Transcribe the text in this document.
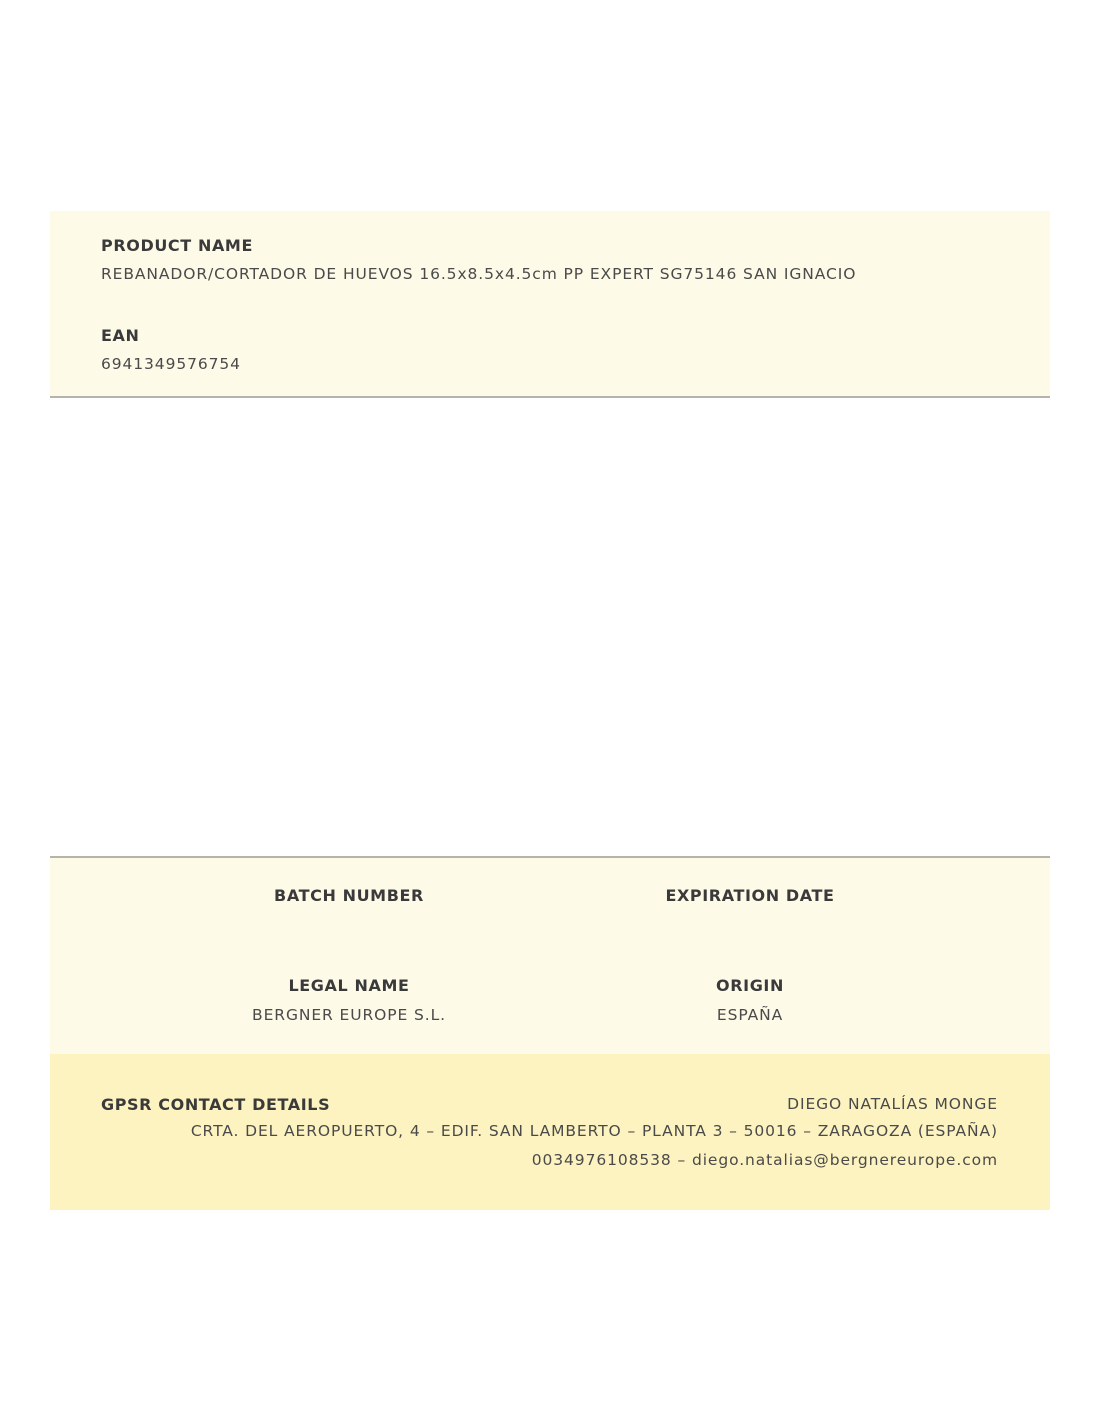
PRODUCT NAME
REBANADOR/CORTADOR DE HUEVOS 16.5x8.5x4.5cm PP EXPERT SG75146 SAN IGNACIO
EAN
6941349576754
BATCH NUMBER	EXPIRATION DATE
LEGAL NAME
BERGNER EUROPE S.L.
ORIGIN
ESPAÑA
GPSR CONTACT DETAILS	DIEGO NATALÍAS MONGE
CRTA. DEL AEROPUERTO, 4 – EDIF. SAN LAMBERTO – PLANTA 3 – 50016 – ZARAGOZA (ESPAÑA)
0034976108538 – diego.natalias@bergnereurope.com
